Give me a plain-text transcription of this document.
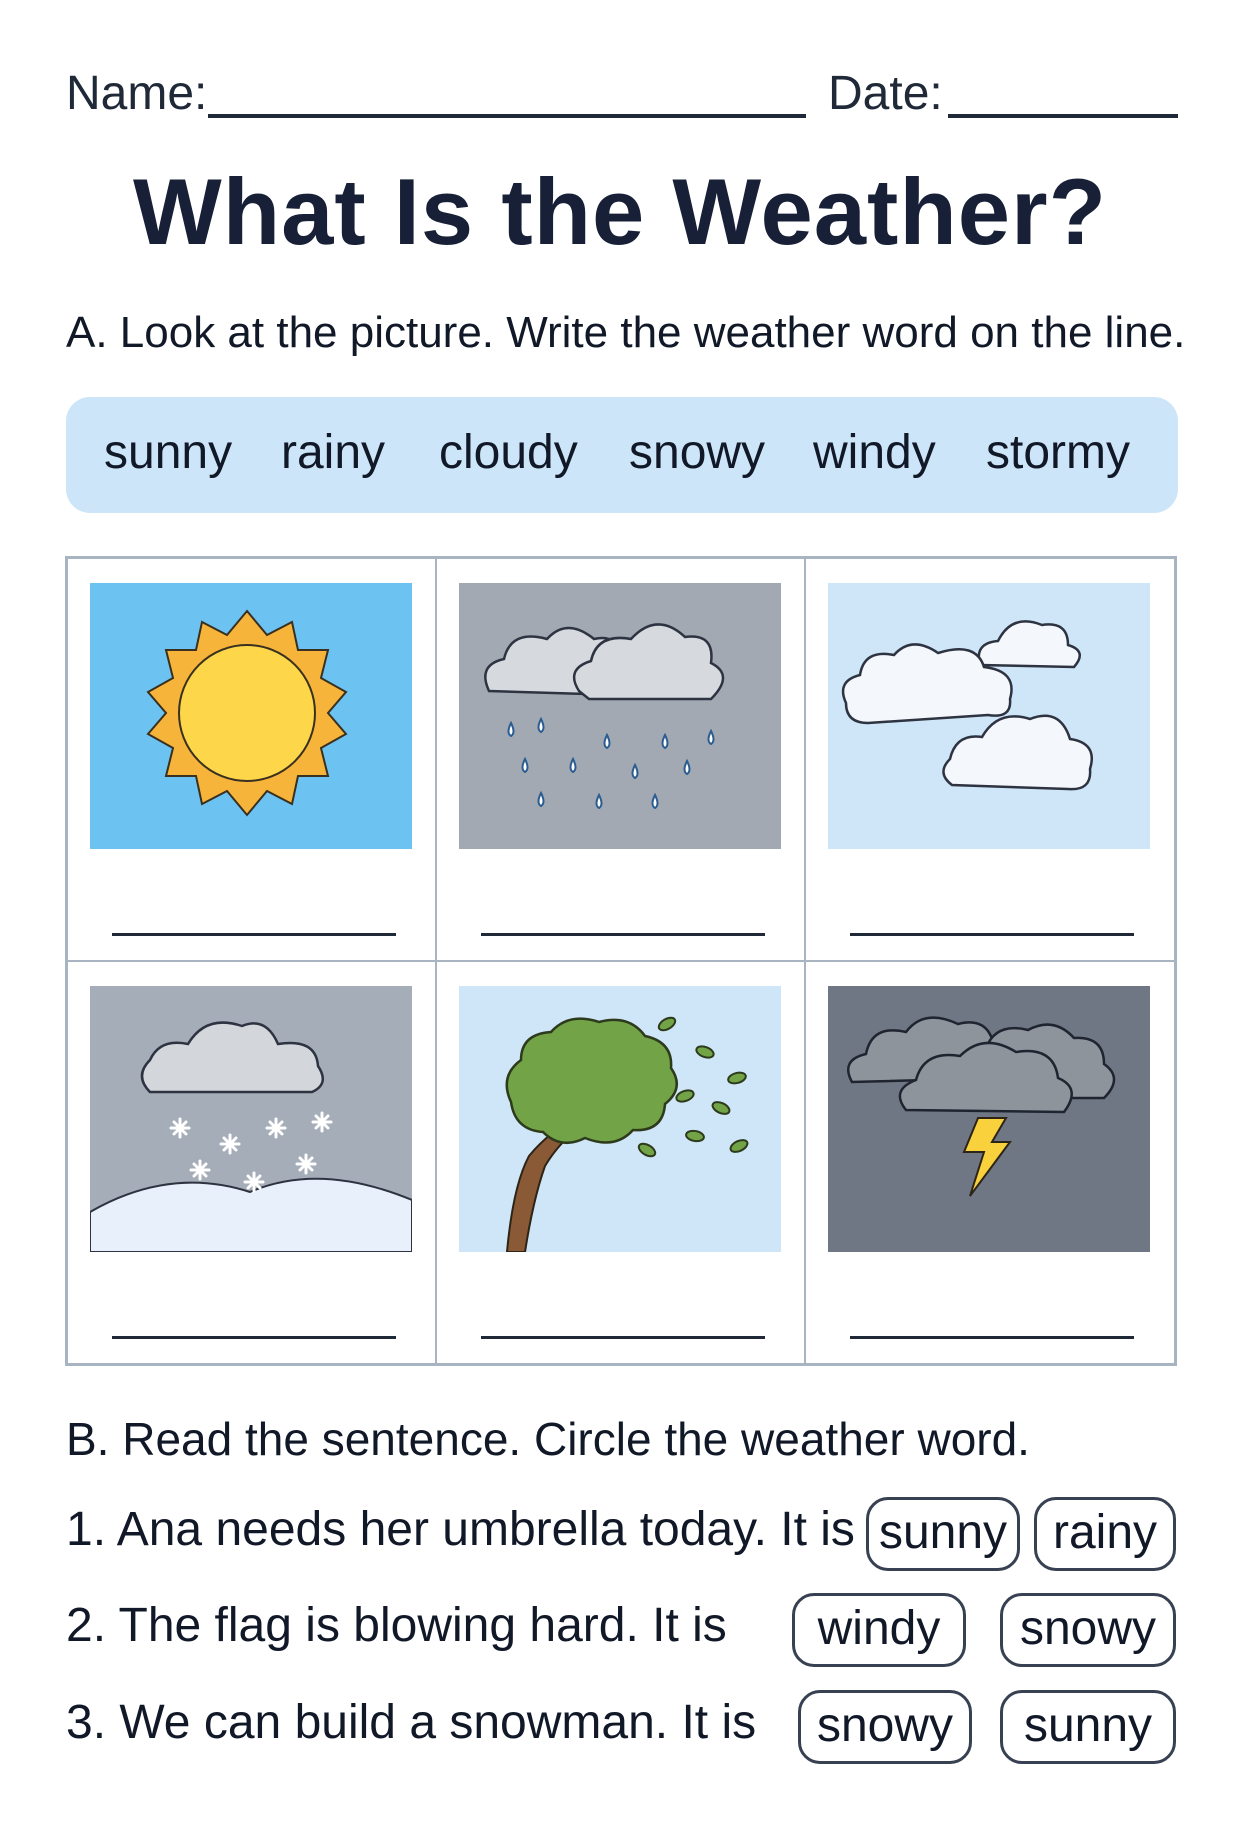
Name:	Date:
What Is the Weather?
A. Look at the picture. Write the weather word on the line.
sunny rainy cloudy snowy windy stormy
B. Read the sentence. Circle the weather word.
1. Ana needs her umbrella today. It is sunny rainy
2. The flag is blowing hard. It is	windy	snowy
3. We can build a snowman. It is	snowy	sunny
